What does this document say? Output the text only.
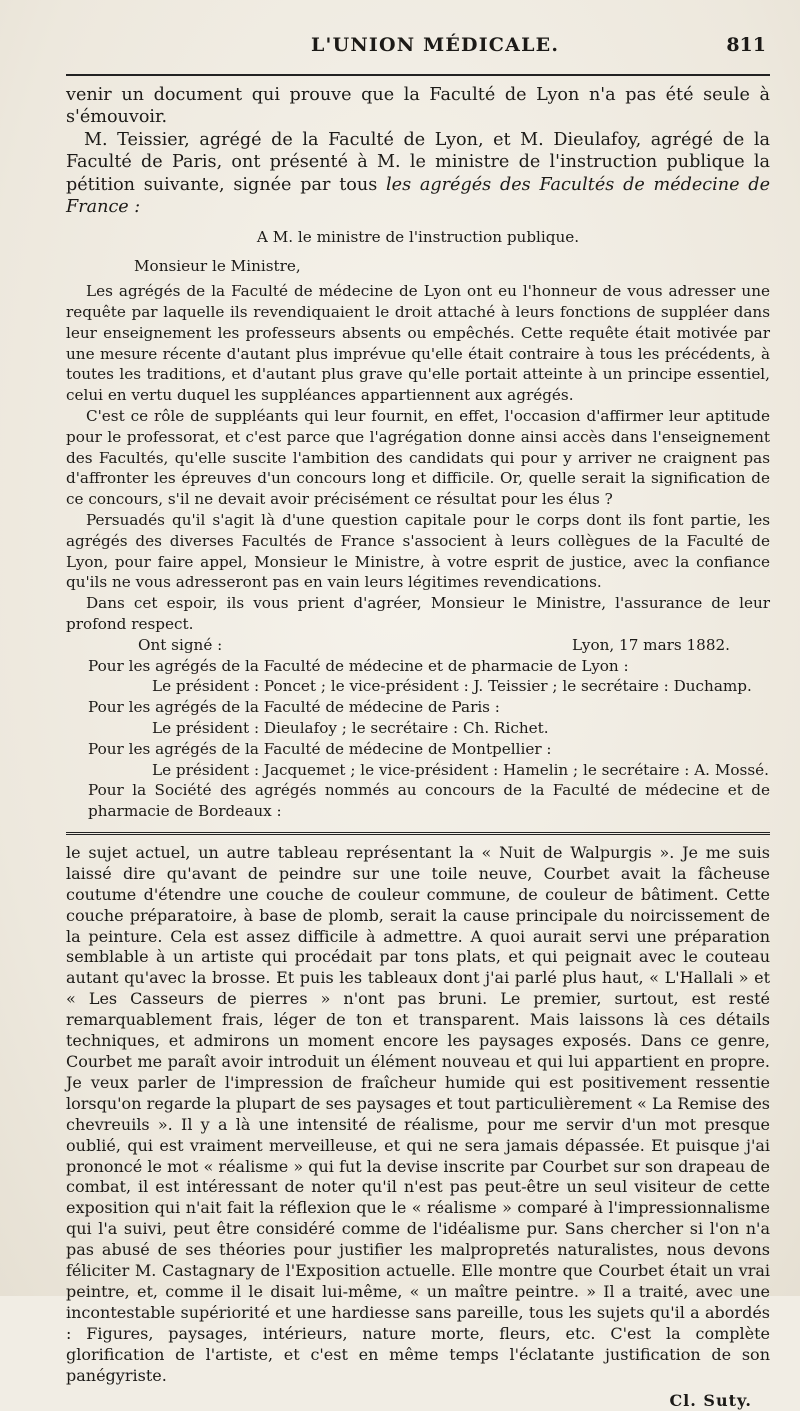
L'UNION MÉDICALE.	811

venir un document qui prouve que la Faculté de Lyon n'a pas été seule à s'émouvoir.

M. Teissier, agrégé de la Faculté de Lyon, et M. Dieulafoy, agrégé de la Faculté de Paris, ont présenté à M. le ministre de l'instruction publique la pétition suivante, signée par tous les agrégés des Facultés de médecine de France :

A M. le ministre de l'instruction publique.

Monsieur le Ministre,

Les agrégés de la Faculté de médecine de Lyon ont eu l'honneur de vous adresser une requête par laquelle ils revendiquaient le droit attaché à leurs fonctions de suppléer dans leur enseignement les professeurs absents ou empêchés. Cette requête était motivée par une mesure récente d'autant plus imprévue qu'elle était contraire à tous les précédents, à toutes les traditions, et d'autant plus grave qu'elle portait atteinte à un principe essentiel, celui en vertu duquel les suppléances appartiennent aux agrégés.

C'est ce rôle de suppléants qui leur fournit, en effet, l'occasion d'affirmer leur aptitude pour le professorat, et c'est parce que l'agrégation donne ainsi accès dans l'enseignement des Facultés, qu'elle suscite l'ambition des candidats qui pour y arriver ne craignent pas d'affronter les épreuves d'un concours long et difficile. Or, quelle serait la signification de ce concours, s'il ne devait avoir précisément ce résultat pour les élus ?

Persuadés qu'il s'agit là d'une question capitale pour le corps dont ils font partie, les agrégés des diverses Facultés de France s'associent à leurs collègues de la Faculté de Lyon, pour faire appel, Monsieur le Ministre, à votre esprit de justice, avec la confiance qu'ils ne vous adresseront pas en vain leurs légitimes revendications.

Dans cet espoir, ils vous prient d'agréer, Monsieur le Ministre, l'assurance de leur profond respect.

Ont signé :	Lyon, 17 mars 1882.

Pour les agrégés de la Faculté de médecine et de pharmacie de Lyon :

Le président : Poncet ; le vice-président : J. Teissier ; le secrétaire : Duchamp.

Pour les agrégés de la Faculté de médecine de Paris :

Le président : Dieulafoy ; le secrétaire : Ch. Richet.

Pour les agrégés de la Faculté de médecine de Montpellier :

Le président : Jacquemet ; le vice-président : Hamelin ; le secrétaire : A. Mossé.

Pour la Société des agrégés nommés au concours de la Faculté de médecine et de pharmacie de Bordeaux :

le sujet actuel, un autre tableau représentant la « Nuit de Walpurgis ». Je me suis laissé dire qu'avant de peindre sur une toile neuve, Courbet avait la fâcheuse coutume d'étendre une couche de couleur commune, de couleur de bâtiment. Cette couche préparatoire, à base de plomb, serait la cause principale du noircissement de la peinture. Cela est assez difficile à admettre. A quoi aurait servi une préparation semblable à un artiste qui procédait par tons plats, et qui peignait avec le couteau autant qu'avec la brosse. Et puis les tableaux dont j'ai parlé plus haut, « L'Hallali » et « Les Casseurs de pierres » n'ont pas bruni. Le premier, surtout, est resté remarquablement frais, léger de ton et transparent. Mais laissons là ces détails techniques, et admirons un moment encore les paysages exposés. Dans ce genre, Courbet me paraît avoir introduit un élément nouveau et qui lui appartient en propre. Je veux parler de l'impression de fraîcheur humide qui est positivement ressentie lorsqu'on regarde la plupart de ses paysages et tout particulièrement « La Remise des chevreuils ». Il y a là une intensité de réalisme, pour me servir d'un mot presque oublié, qui est vraiment merveilleuse, et qui ne sera jamais dépassée. Et puisque j'ai prononcé le mot « réalisme » qui fut la devise inscrite par Courbet sur son drapeau de combat, il est intéressant de noter qu'il n'est pas peut-être un seul visiteur de cette exposition qui n'ait fait la réflexion que le « réalisme » comparé à l'impressionnalisme qui l'a suivi, peut être considéré comme de l'idéalisme pur. Sans chercher si l'on n'a pas abusé de ses théories pour justifier les malpropretés naturalistes, nous devons féliciter M. Castagnary de l'Exposition actuelle. Elle montre que Courbet était un vrai peintre, et, comme il le disait lui-même, « un maître peintre. » Il a traité, avec une incontestable supériorité et une hardiesse sans pareille, tous les sujets qu'il a abordés : Figures, paysages, intérieurs, nature morte, fleurs, etc. C'est la complète glorification de l'artiste, et c'est en même temps l'éclatante justification de son panégyriste.

Cl. Suty.
